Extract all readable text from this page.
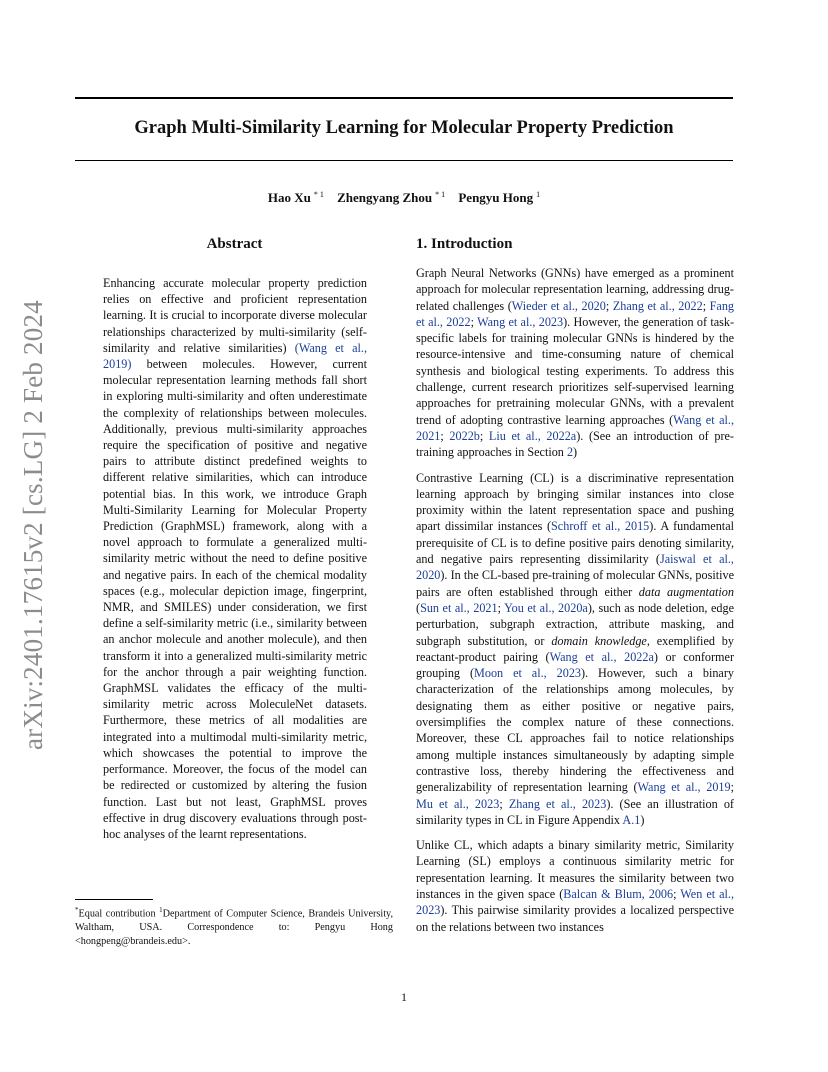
arXiv:2401.17615v2 [cs.LG] 2 Feb 2024
Graph Multi-Similarity Learning for Molecular Property Prediction
Hao Xu $^{* 1}$ Zhengyang Zhou $^{* 1}$ Pengyu Hong $^1$
Abstract
Enhancing accurate molecular property prediction relies on effective and proficient representation learning. It is crucial to incorporate diverse molecular relationships characterized by multi-similarity (self-similarity and relative similarities) (Wang et al., 2019) between molecules. However, current molecular representation learning methods fall short in exploring multi-similarity and often underestimate the complexity of relationships between molecules. Additionally, previous multi-similarity approaches require the specification of positive and negative pairs to attribute distinct predefined weights to different relative similarities, which can introduce potential bias. In this work, we introduce Graph Multi-Similarity Learning for Molecular Property Prediction (GraphMSL) framework, along with a novel approach to formulate a generalized multi-similarity metric without the need to define positive and negative pairs. In each of the chemical modality spaces (e.g., molecular depiction image, fingerprint, NMR, and SMILES) under consideration, we first define a self-similarity metric (i.e., similarity between an anchor molecule and another molecule), and then transform it into a generalized multi-similarity metric for the anchor through a pair weighting function. GraphMSL validates the efficacy of the multi-similarity metric across MoleculeNet datasets. Furthermore, these metrics of all modalities are integrated into a multimodal multi-similarity metric, which showcases the potential to improve the performance. Moreover, the focus of the model can be redirected or customized by altering the fusion function. Last but not least, GraphMSL proves effective in drug discovery evaluations through post-hoc analyses of the learnt representations.
*Equal contribution $^1$Department of Computer Science, Brandeis University, Waltham, USA. Correspondence to: Pengyu Hong <hongpeng@brandeis.edu>.
1. Introduction

Graph Neural Networks (GNNs) have emerged as a prominent approach for molecular representation learning, addressing drug-related challenges (Wieder et al., 2020; Zhang et al., 2022; Fang et al., 2022; Wang et al., 2023). However, the generation of task-specific labels for training molecular GNNs is hindered by the resource-intensive and time-consuming nature of chemical synthesis and biological testing experiments. To address this challenge, current research prioritizes self-supervised learning approaches for pretraining molecular GNNs, with a prevalent trend of adopting contrastive learning approaches (Wang et al., 2021; 2022b; Liu et al., 2022a). (See an introduction of pre-training approaches in Section 2)

Contrastive Learning (CL) is a discriminative representation learning approach by bringing similar instances into close proximity within the latent representation space and pushing apart dissimilar instances (Schroff et al., 2015). A fundamental prerequisite of CL is to define positive pairs denoting similarity, and negative pairs representing dissimilarity (Jaiswal et al., 2020). In the CL-based pre-training of molecular GNNs, positive pairs are often established through either data augmentation (Sun et al., 2021; You et al., 2020a), such as node deletion, edge perturbation, subgraph extraction, attribute masking, and subgraph substitution, or domain knowledge, exemplified by reactant-product pairing (Wang et al., 2022a) or conformer grouping (Moon et al., 2023). However, such a binary characterization of the relationships among molecules, by designating them as either positive or negative pairs, oversimplifies the complex nature of these connections. Moreover, these CL approaches fail to notice relationships among multiple instances simultaneously by adapting simple contrastive loss, thereby hindering the effectiveness and generalizability of representation learning (Wang et al., 2019; Mu et al., 2023; Zhang et al., 2023). (See an illustration of similarity types in CL in Figure Appendix A.1)

Unlike CL, which adapts a binary similarity metric, Similarity Learning (SL) employs a continuous similarity metric for representation learning. It measures the similarity between two instances in the given space (Balcan & Blum, 2006; Wen et al., 2023). This pairwise similarity provides a localized perspective on the relations between two instances

1
